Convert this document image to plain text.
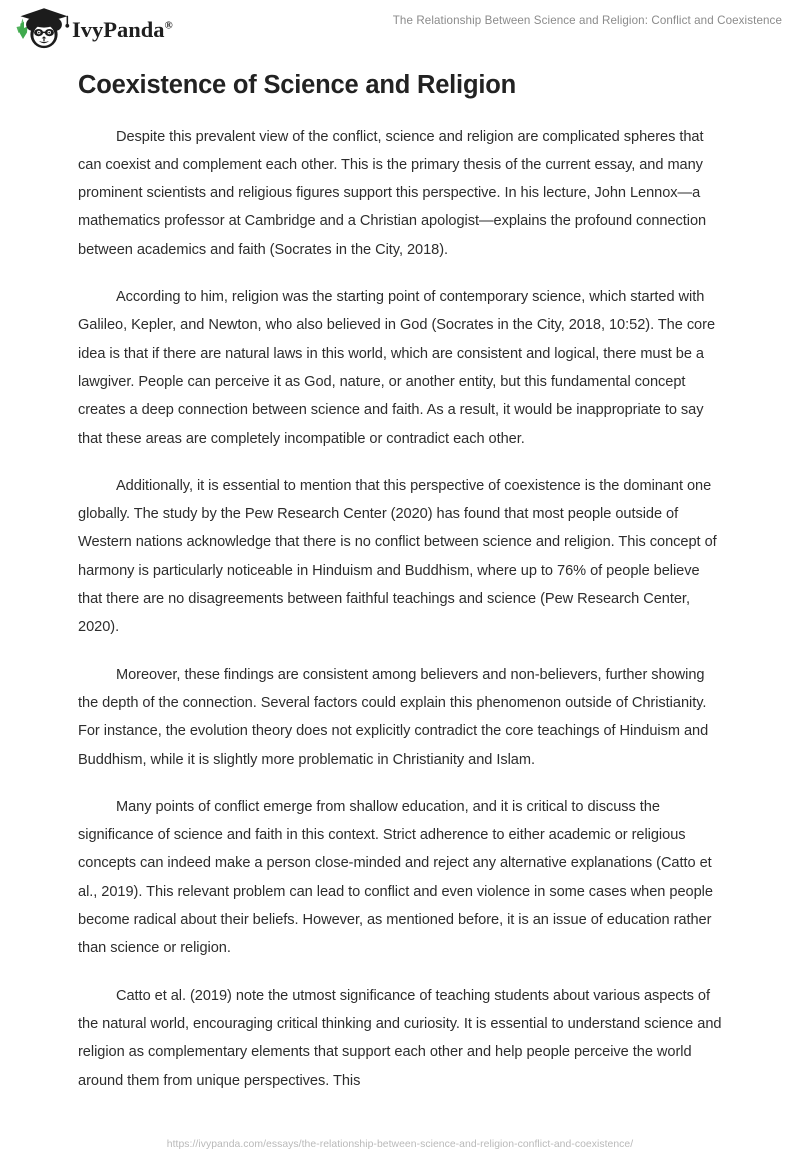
IvyPanda®	The Relationship Between Science and Religion: Conflict and Coexistence
Coexistence of Science and Religion

Despite this prevalent view of the conflict, science and religion are complicated spheres that can coexist and complement each other. This is the primary thesis of the current essay, and many prominent scientists and religious figures support this perspective. In his lecture, John Lennox—a mathematics professor at Cambridge and a Christian apologist—explains the profound connection between academics and faith (Socrates in the City, 2018).

According to him, religion was the starting point of contemporary science, which started with Galileo, Kepler, and Newton, who also believed in God (Socrates in the City, 2018, 10:52). The core idea is that if there are natural laws in this world, which are consistent and logical, there must be a lawgiver. People can perceive it as God, nature, or another entity, but this fundamental concept creates a deep connection between science and faith. As a result, it would be inappropriate to say that these areas are completely incompatible or contradict each other.

Additionally, it is essential to mention that this perspective of coexistence is the dominant one globally. The study by the Pew Research Center (2020) has found that most people outside of Western nations acknowledge that there is no conflict between science and religion. This concept of harmony is particularly noticeable in Hinduism and Buddhism, where up to 76% of people believe that there are no disagreements between faithful teachings and science (Pew Research Center, 2020).

Moreover, these findings are consistent among believers and non-believers, further showing the depth of the connection. Several factors could explain this phenomenon outside of Christianity. For instance, the evolution theory does not explicitly contradict the core teachings of Hinduism and Buddhism, while it is slightly more problematic in Christianity and Islam.

Many points of conflict emerge from shallow education, and it is critical to discuss the significance of science and faith in this context. Strict adherence to either academic or religious concepts can indeed make a person close-minded and reject any alternative explanations (Catto et al., 2019). This relevant problem can lead to conflict and even violence in some cases when people become radical about their beliefs. However, as mentioned before, it is an issue of education rather than science or religion.

Catto et al. (2019) note the utmost significance of teaching students about various aspects of the natural world, encouraging critical thinking and curiosity. It is essential to understand science and religion as complementary elements that support each other and help people perceive the world around them from unique perspectives. This

https://ivypanda.com/essays/the-relationship-between-science-and-religion-conflict-and-coexistence/
